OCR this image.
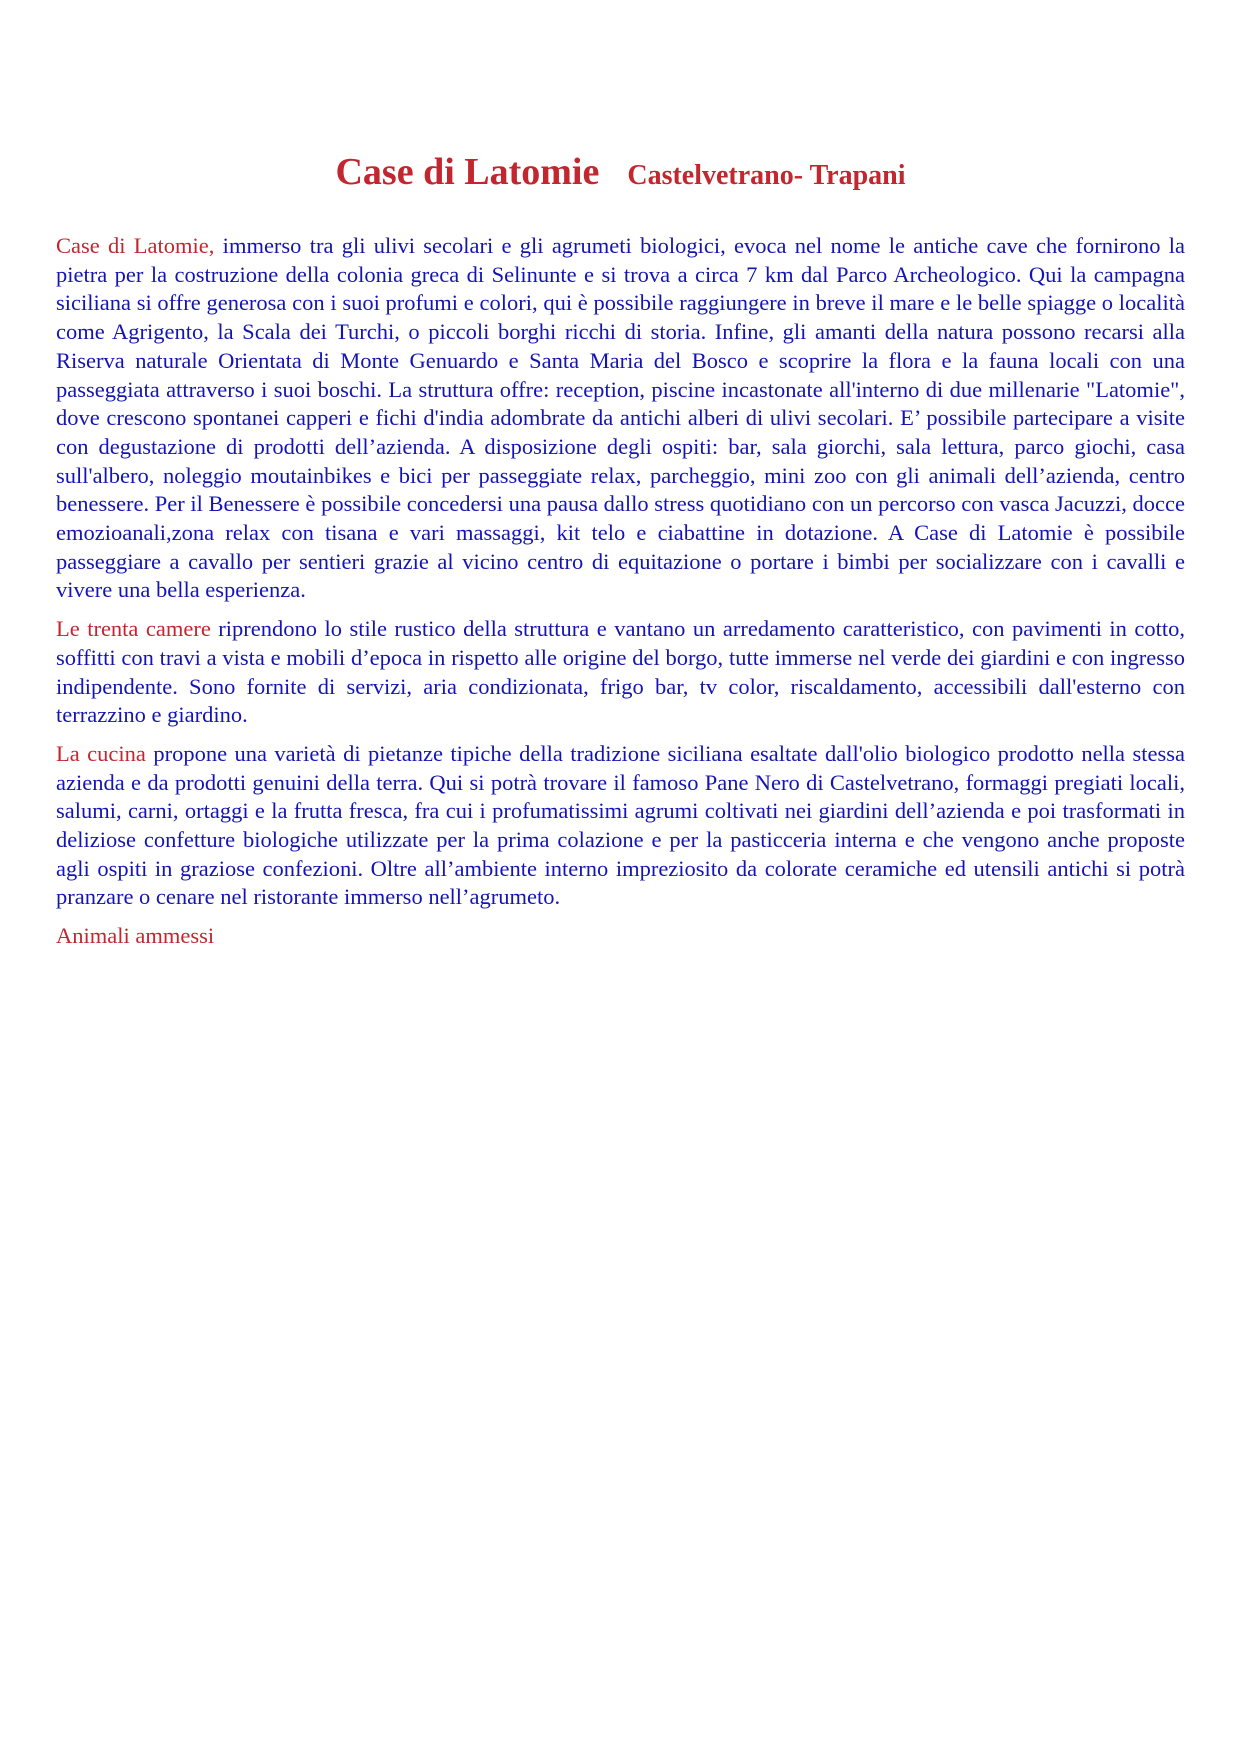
Case di Latomie Castelvetrano- Trapani

Case di Latomie, immerso tra gli ulivi secolari e gli agrumeti biologici, evoca nel nome le antiche cave che fornirono la pietra per la costruzione della colonia greca di Selinunte e si trova a circa 7 km dal Parco Archeologico. Qui la campagna siciliana si offre generosa con i suoi profumi e colori, qui è possibile raggiungere in breve il mare e le belle spiagge o località come Agrigento, la Scala dei Turchi, o piccoli borghi ricchi di storia. Infine, gli amanti della natura possono recarsi alla Riserva naturale Orientata di Monte Genuardo e Santa Maria del Bosco e scoprire la flora e la fauna locali con una passeggiata attraverso i suoi boschi. La struttura offre: reception, piscine incastonate all'interno di due millenarie "Latomie", dove crescono spontanei capperi e fichi d'india adombrate da antichi alberi di ulivi secolari. E’ possibile partecipare a visite con degustazione di prodotti dell’azienda. A disposizione degli ospiti: bar, sala giorchi, sala lettura, parco giochi, casa sull'albero, noleggio moutainbikes e bici per passeggiate relax, parcheggio, mini zoo con gli animali dell’azienda, centro benessere. Per il Benessere è possibile concedersi una pausa dallo stress quotidiano con un percorso con vasca Jacuzzi, docce emozioanali,zona relax con tisana e vari massaggi, kit telo e ciabattine in dotazione. A Case di Latomie è possibile passeggiare a cavallo per sentieri grazie al vicino centro di equitazione o portare i bimbi per socializzare con i cavalli e vivere una bella esperienza.

Le trenta camere riprendono lo stile rustico della struttura e vantano un arredamento caratteristico, con pavimenti in cotto, soffitti con travi a vista e mobili d’epoca in rispetto alle origine del borgo, tutte immerse nel verde dei giardini e con ingresso indipendente. Sono fornite di servizi, aria condizionata, frigo bar, tv color, riscaldamento, accessibili dall'esterno con terrazzino e giardino.

La cucina propone una varietà di pietanze tipiche della tradizione siciliana esaltate dall'olio biologico prodotto nella stessa azienda e da prodotti genuini della terra. Qui si potrà trovare il famoso Pane Nero di Castelvetrano, formaggi pregiati locali, salumi, carni, ortaggi e la frutta fresca, fra cui i profumatissimi agrumi coltivati nei giardini dell’azienda e poi trasformati in deliziose confetture biologiche utilizzate per la prima colazione e per la pasticceria interna e che vengono anche proposte agli ospiti in graziose confezioni. Oltre all’ambiente interno impreziosito da colorate ceramiche ed utensili antichi si potrà pranzare o cenare nel ristorante immerso nell’agrumeto.

Animali ammessi
